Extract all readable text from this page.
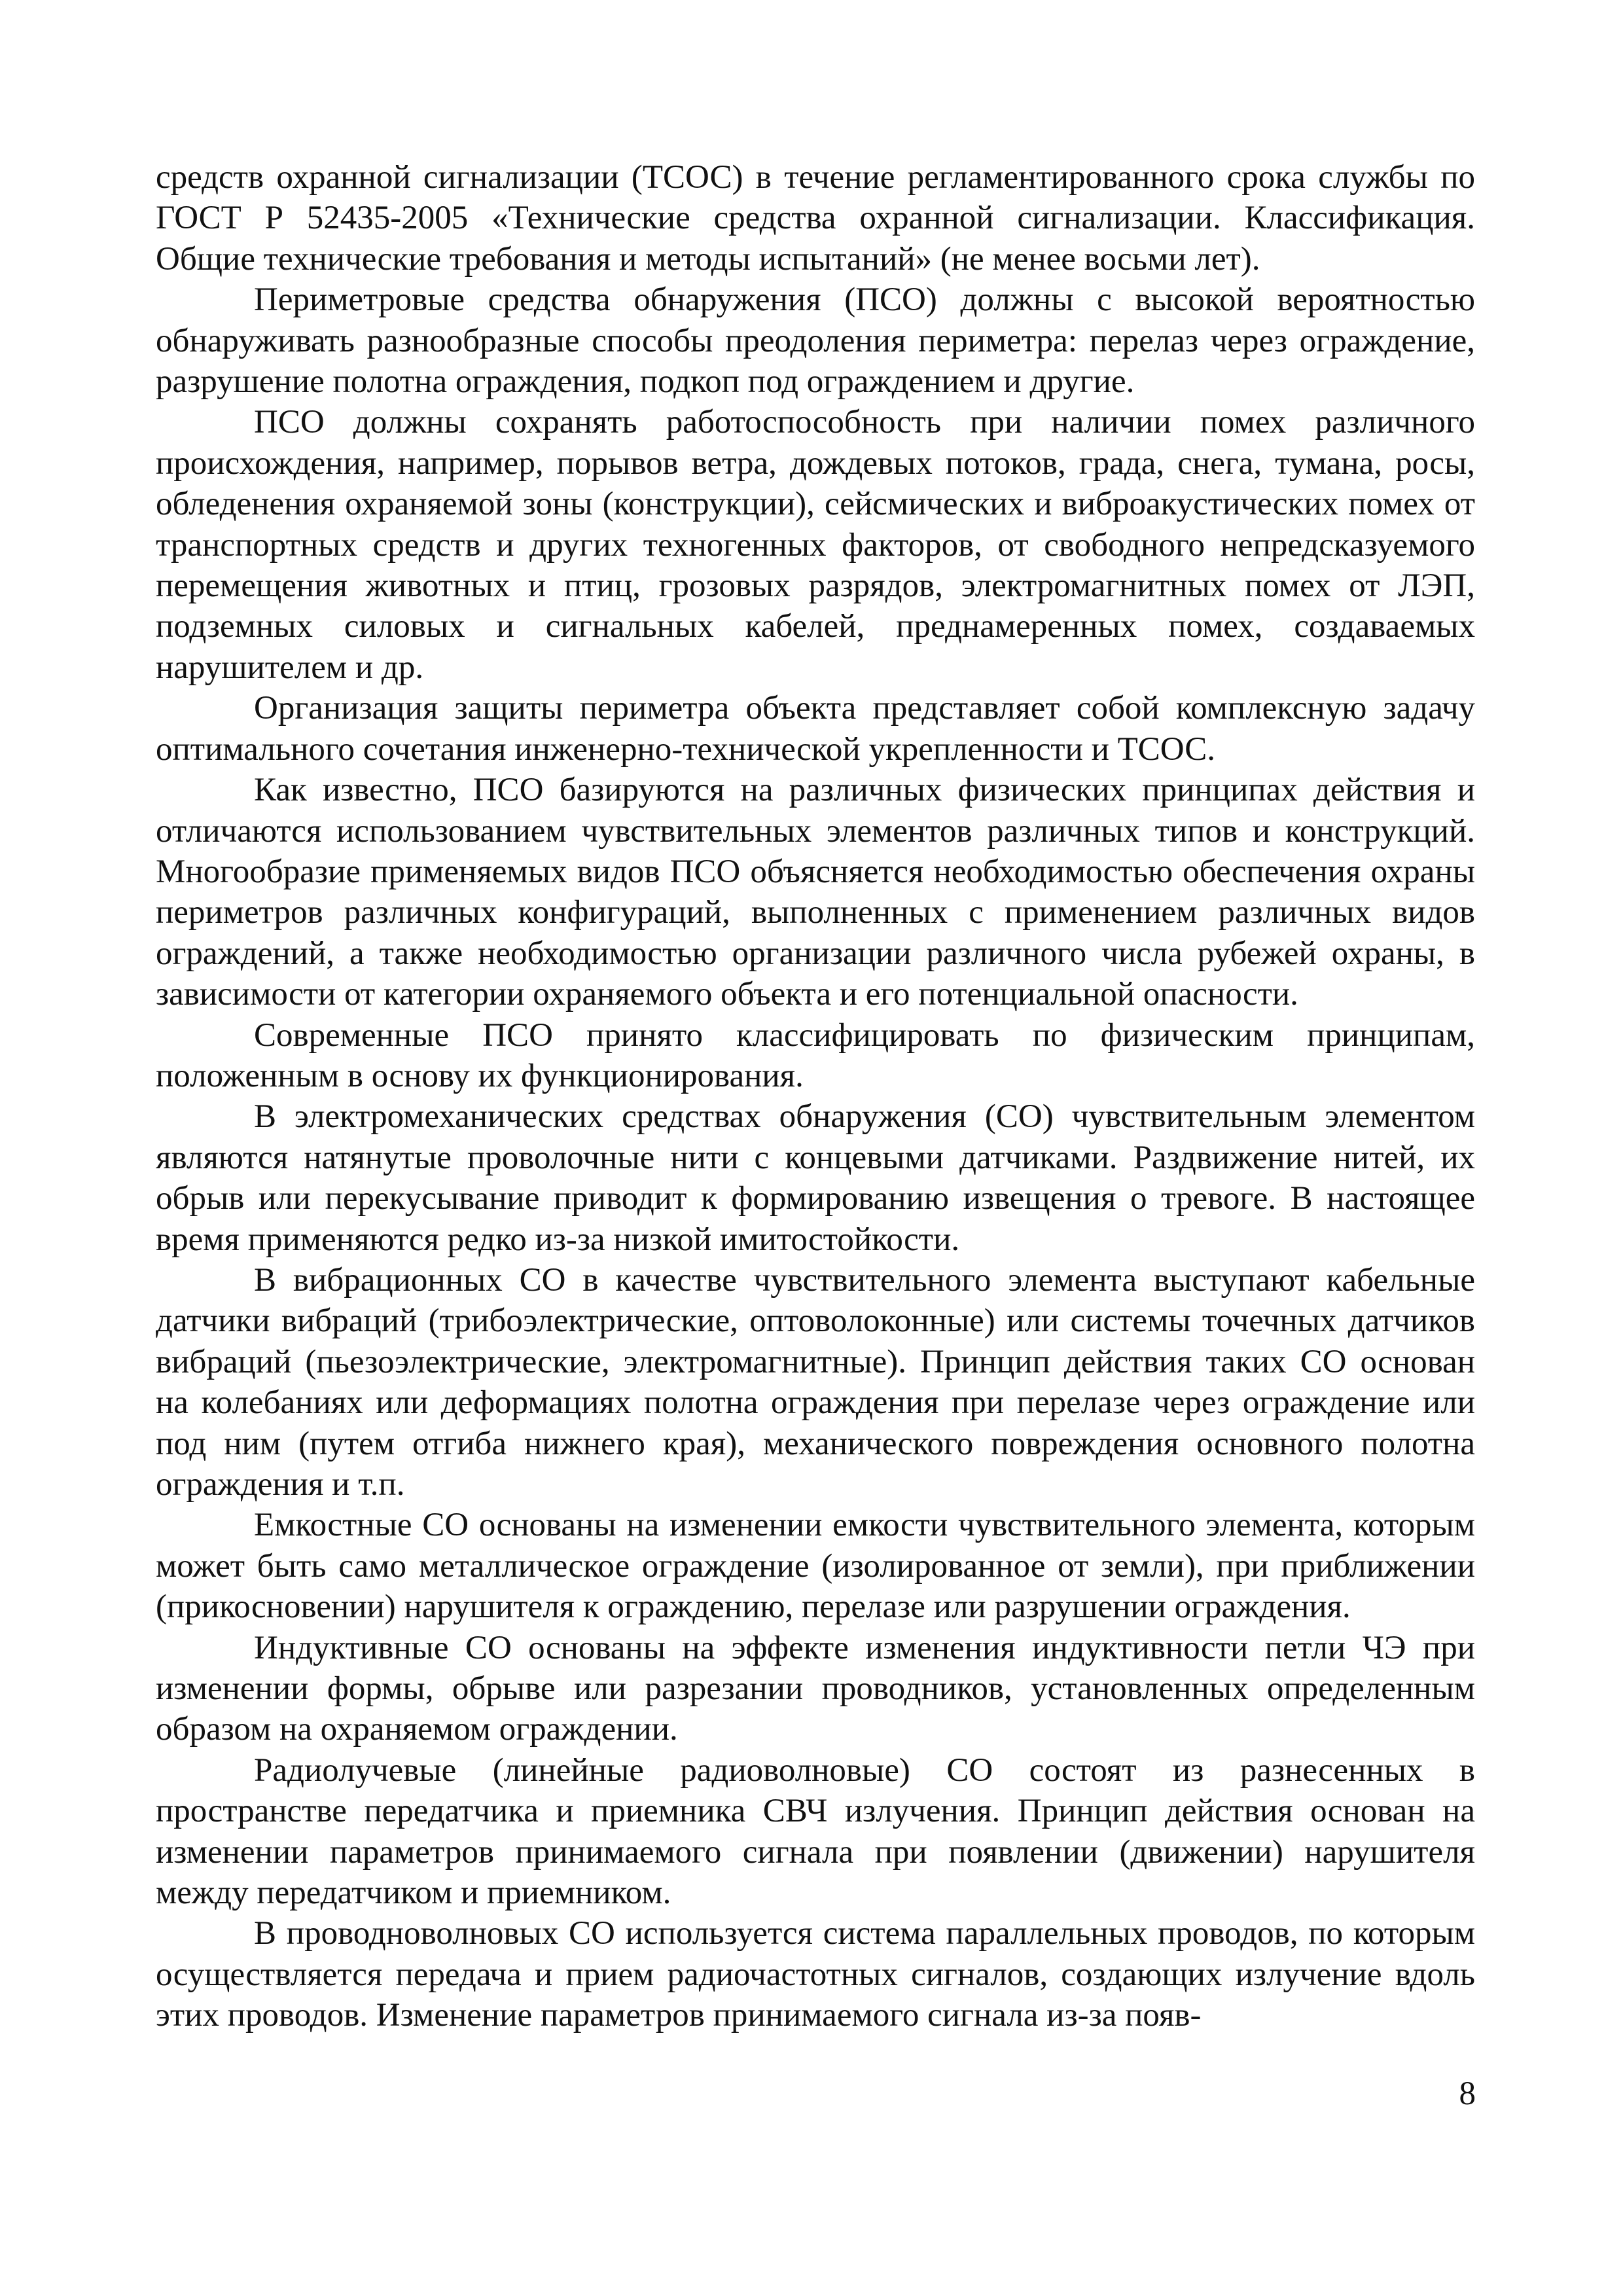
средств охранной сигнализации (ТСОС) в течение регламентированного срока службы по ГОСТ Р 52435-2005 «Технические средства охранной сигнализации. Классификация. Общие технические требования и методы испытаний» (не менее восьми лет).

Периметровые средства обнаружения (ПСО) должны с высокой вероятностью обнаруживать разнообразные способы преодоления периметра: перелаз через ограждение, разрушение полотна ограждения, подкоп под ограждением и другие.

ПСО должны сохранять работоспособность при наличии помех различного происхождения, например, порывов ветра, дождевых потоков, града, снега, тумана, росы, обледенения охраняемой зоны (конструкции), сейсмических и виброакустических помех от транспортных средств и других техногенных факторов, от свободного непредсказуемого перемещения животных и птиц, грозовых разрядов, электромагнитных помех от ЛЭП, подземных силовых и сигнальных кабелей, преднамеренных помех, создаваемых нарушителем и др.

Организация защиты периметра объекта представляет собой комплексную задачу оптимального сочетания инженерно-технической укрепленности и ТСОС.

Как известно, ПСО базируются на различных физических принципах действия и отличаются использованием чувствительных элементов различных типов и конструкций. Многообразие применяемых видов ПСО объясняется необходимостью обеспечения охраны периметров различных конфигураций, выполненных с применением различных видов ограждений, а также необходимостью организации различного числа рубежей охраны, в зависимости от категории охраняемого объекта и его потенциальной опасности.

Современные ПСО принято классифицировать по физическим принципам, положенным в основу их функционирования.

В электромеханических средствах обнаружения (СО) чувствительным элементом являются натянутые проволочные нити с концевыми датчиками. Раздвижение нитей, их обрыв или перекусывание приводит к формированию извещения о тревоге. В настоящее время применяются редко из-за низкой имитостойкости.

В вибрационных СО в качестве чувствительного элемента выступают кабельные датчики вибраций (трибоэлектрические, оптоволоконные) или системы точечных датчиков вибраций (пьезоэлектрические, электромагнитные). Принцип действия таких СО основан на колебаниях или деформациях полотна ограждения при перелазе через ограждение или под ним (путем отгиба нижнего края), механического повреждения основного полотна ограждения и т.п.

Емкостные СО основаны на изменении емкости чувствительного элемента, которым может быть само металлическое ограждение (изолированное от земли), при приближении (прикосновении) нарушителя к ограждению, перелазе или разрушении ограждения.

Индуктивные СО основаны на эффекте изменения индуктивности петли ЧЭ при изменении формы, обрыве или разрезании проводников, установленных определенным образом на охраняемом ограждении.

Радиолучевые (линейные радиоволновые) СО состоят из разнесенных в пространстве передатчика и приемника СВЧ излучения. Принцип действия основан на изменении параметров принимаемого сигнала при появлении (движении) нарушителя между передатчиком и приемником.

В проводноволновых СО используется система параллельных проводов, по которым осуществляется передача и прием радиочастотных сигналов, создающих излучение вдоль этих проводов. Изменение параметров принимаемого сигнала из-за появ-

8
